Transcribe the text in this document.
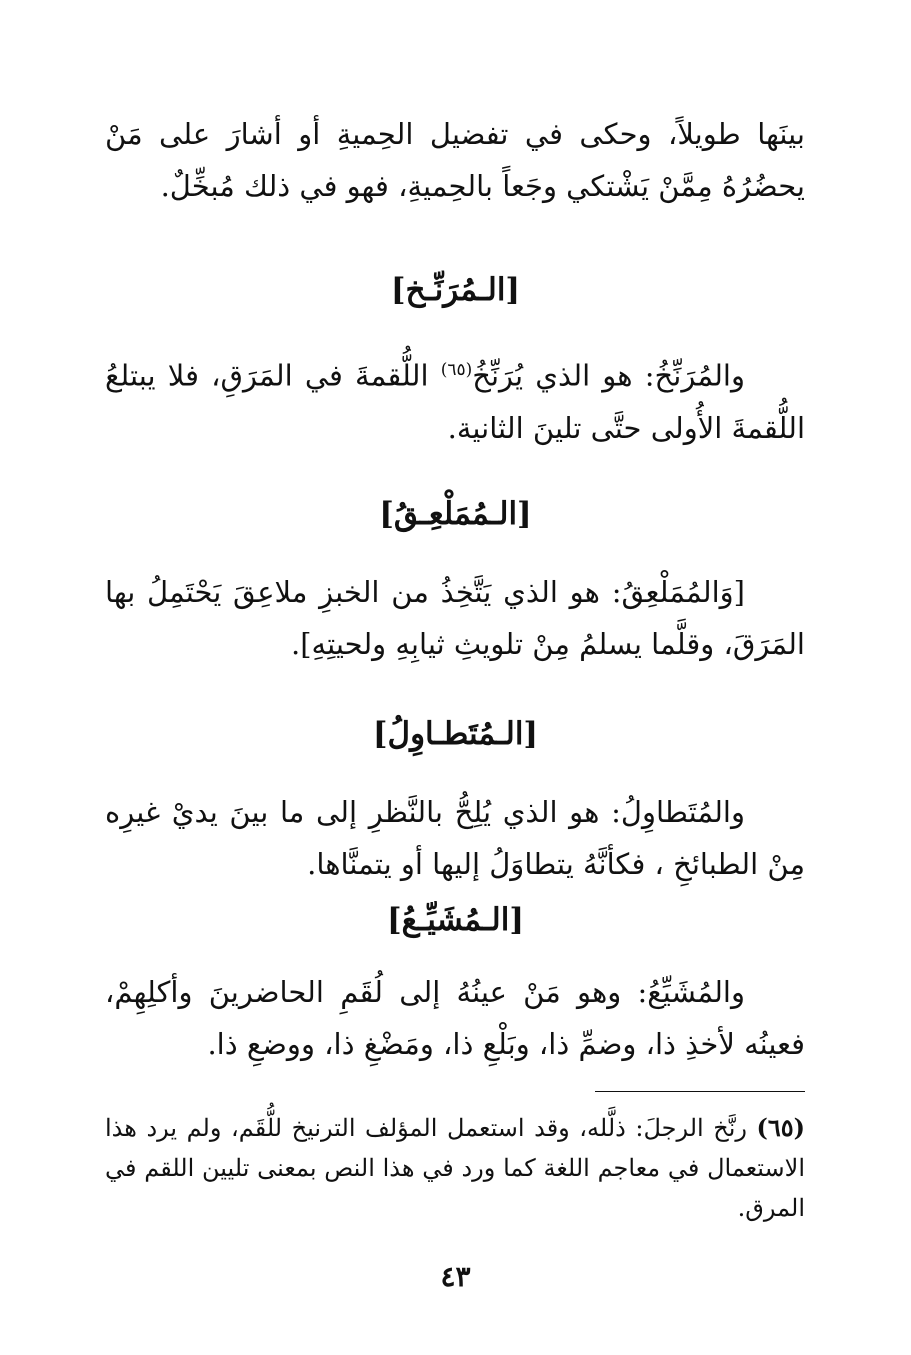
بينَها طويلاً، وحكى في تفضيل الحِميةِ أو أشارَ على مَنْ يحضُرُهُ مِمَّنْ يَشْتكي وجَعاً بالحِميةِ، فهو في ذلك مُبخِّلٌ.

[الـمُرَنِّـخ]

والمُرَنِّخُ: هو الذي يُرَنِّخُ$^{(٦٥)}$ اللُّقمةَ في المَرَقِ، فلا يبتلعُ اللُّقمةَ الأُولى حتَّى تلينَ الثانية.

[الـمُمَلْعِـقُ]

[وَالمُمَلْعِقُ: هو الذي يَتَّخِذُ من الخبزِ ملاعِقَ يَحْتَمِلُ بها المَرَقَ، وقلَّما يسلمُ مِنْ تلويثِ ثيابِهِ ولحيتِهِ].

[الـمُتَطـاوِلُ]

والمُتَطاوِلُ: هو الذي يُلِحُّ بالنَّظرِ إلى ما بينَ يديْ غيرِه مِنْ الطبائخِ ، فكأنَّهُ يتطاوَلُ إليها أو يتمنَّاها.

[الـمُشَيِّـعُ]

والمُشَيِّعُ: وهو مَنْ عينُهُ إلى لُقَمِ الحاضرينَ وأكلِهِمْ، فعينُه لأخذِ ذا، وضمِّ ذا، وبَلْعِ ذا، ومَضْغِ ذا، ووضعِ ذا.

(٦٥) رنَّخ الرجلَ: ذلَّله، وقد استعمل المؤلف الترنيخ للُّقَم، ولم يرد هذا الاستعمال في معاجم اللغة كما ورد في هذا النص بمعنى تليين اللقم في المرق.

٤٣
